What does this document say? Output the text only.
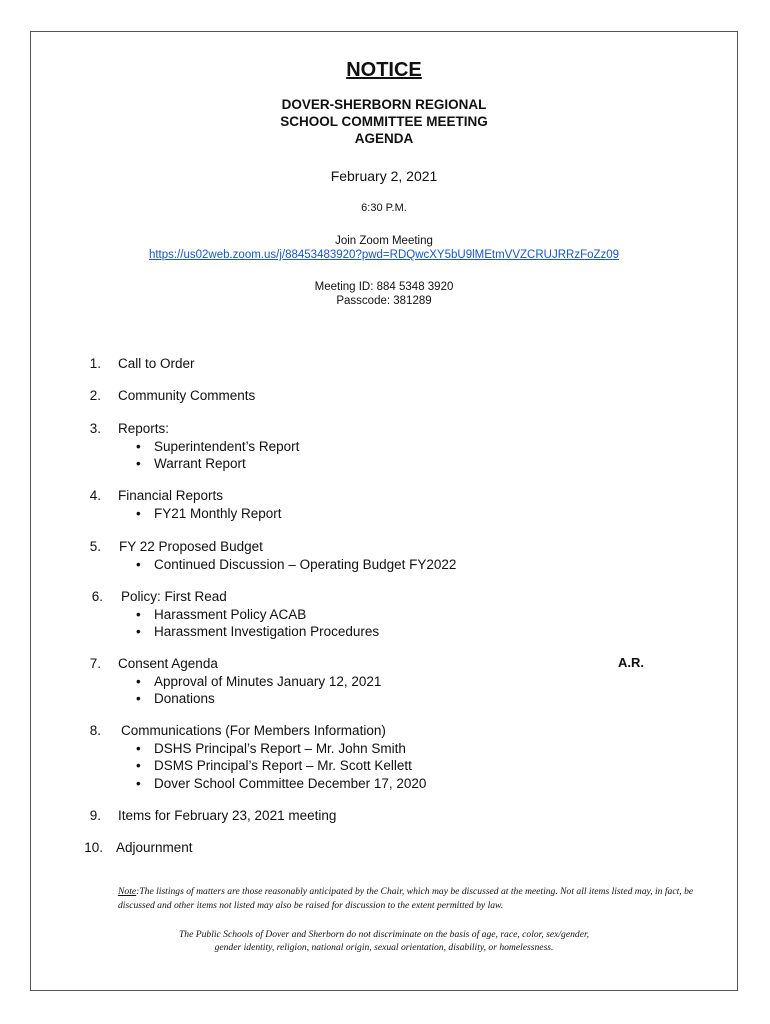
NOTICE
DOVER-SHERBORN REGIONAL
SCHOOL COMMITTEE MEETING
AGENDA
February 2, 2021
6:30 P.M.
Join Zoom Meeting
https://us02web.zoom.us/j/88453483920?pwd=RDQwcXY5bU9lMEtmVVZCRUJRRzFoZz09
Meeting ID: 884 5348 3920
Passcode: 381289
1. Call to Order
2. Community Comments
3. Reports:
• Superintendent’s Report
• Warrant Report
4. Financial Reports
• FY21 Monthly Report
5. FY 22 Proposed Budget
• Continued Discussion – Operating Budget FY2022
6. Policy: First Read
• Harassment Policy ACAB
• Harassment Investigation Procedures
7. Consent Agenda
• Approval of Minutes January 12, 2021
• Donations
A.R.
8. Communications (For Members Information)
• DSHS Principal’s Report – Mr. John Smith
• DSMS Principal’s Report – Mr. Scott Kellett
• Dover School Committee December 17, 2020
9. Items for February 23, 2021 meeting
10. Adjournment
Note:The listings of matters are those reasonably anticipated by the Chair, which may be discussed at the meeting. Not all items listed may, in fact, be discussed and other items not listed may also be raised for discussion to the extent permitted by law.
The Public Schools of Dover and Sherborn do not discriminate on the basis of age, race, color, sex/gender,
gender identity, religion, national origin, sexual orientation, disability, or homelessness.
